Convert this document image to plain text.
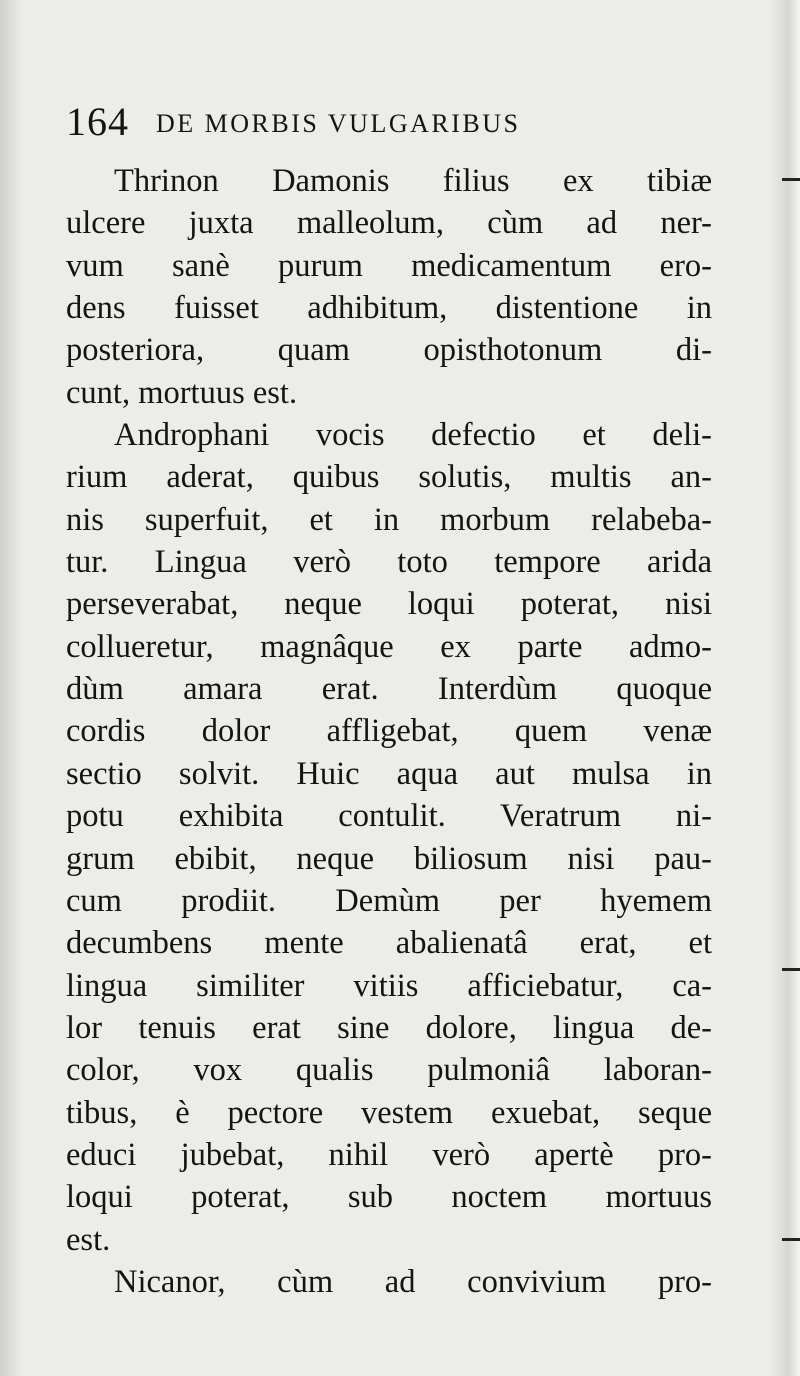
164 DE MORBIS VULGARIBUS
Thrinon Damonis filius ex tibiæ
ulcere juxta malleolum, cùm ad ner-
vum sanè purum medicamentum ero-
dens fuisset adhibitum, distentione in
posteriora, quam opisthotonum di-
cunt, mortuus est.
Androphani vocis defectio et deli-
rium aderat, quibus solutis, multis an-
nis superfuit, et in morbum relabeba-
tur. Lingua verò toto tempore arida
perseverabat, neque loqui poterat, nisi
collueretur, magnâque ex parte admo-
dùm amara erat. Interdùm quoque
cordis dolor affligebat, quem venæ
sectio solvit. Huic aqua aut mulsa in
potu exhibita contulit. Veratrum ni-
grum ebibit, neque biliosum nisi pau-
cum prodiit. Demùm per hyemem
decumbens mente abalienatâ erat, et
lingua similiter vitiis afficiebatur, ca-
lor tenuis erat sine dolore, lingua de-
color, vox qualis pulmoniâ laboran-
tibus, è pectore vestem exuebat, seque
educi jubebat, nihil verò apertè pro-
loqui poterat, sub noctem mortuus
est.
Nicanor, cùm ad convivium pro-
